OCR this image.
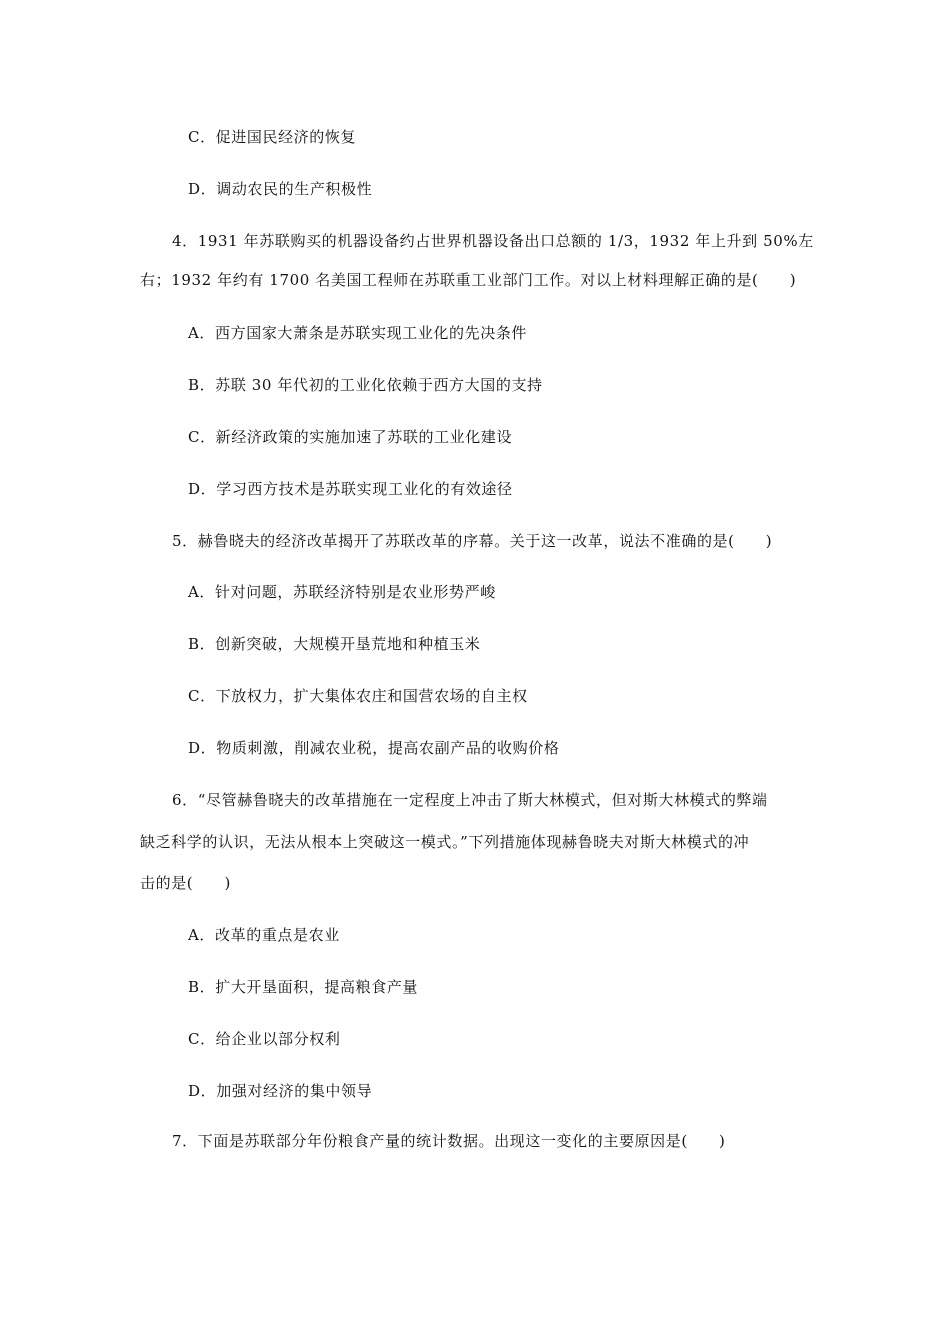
C．促进国民经济的恢复
D．调动农民的生产积极性
4．1931 年苏联购买的机器设备约占世界机器设备出口总额的 1/3，1932 年上升到 50%左
右；1932 年约有 1700 名美国工程师在苏联重工业部门工作。对以上材料理解正确的是(　　)
A．西方国家大萧条是苏联实现工业化的先决条件
B．苏联 30 年代初的工业化依赖于西方大国的支持
C．新经济政策的实施加速了苏联的工业化建设
D．学习西方技术是苏联实现工业化的有效途径
5．赫鲁晓夫的经济改革揭开了苏联改革的序幕。关于这一改革，说法不准确的是(　　)
A．针对问题，苏联经济特别是农业形势严峻
B．创新突破，大规模开垦荒地和种植玉米
C．下放权力，扩大集体农庄和国营农场的自主权
D．物质刺激，削减农业税，提高农副产品的收购价格
6．“尽管赫鲁晓夫的改革措施在一定程度上冲击了斯大林模式，但对斯大林模式的弊端
缺乏科学的认识，无法从根本上突破这一模式。”下列措施体现赫鲁晓夫对斯大林模式的冲
击的是(　　)
A．改革的重点是农业
B．扩大开垦面积，提高粮食产量
C．给企业以部分权利
D．加强对经济的集中领导
7．下面是苏联部分年份粮食产量的统计数据。出现这一变化的主要原因是(　　)
